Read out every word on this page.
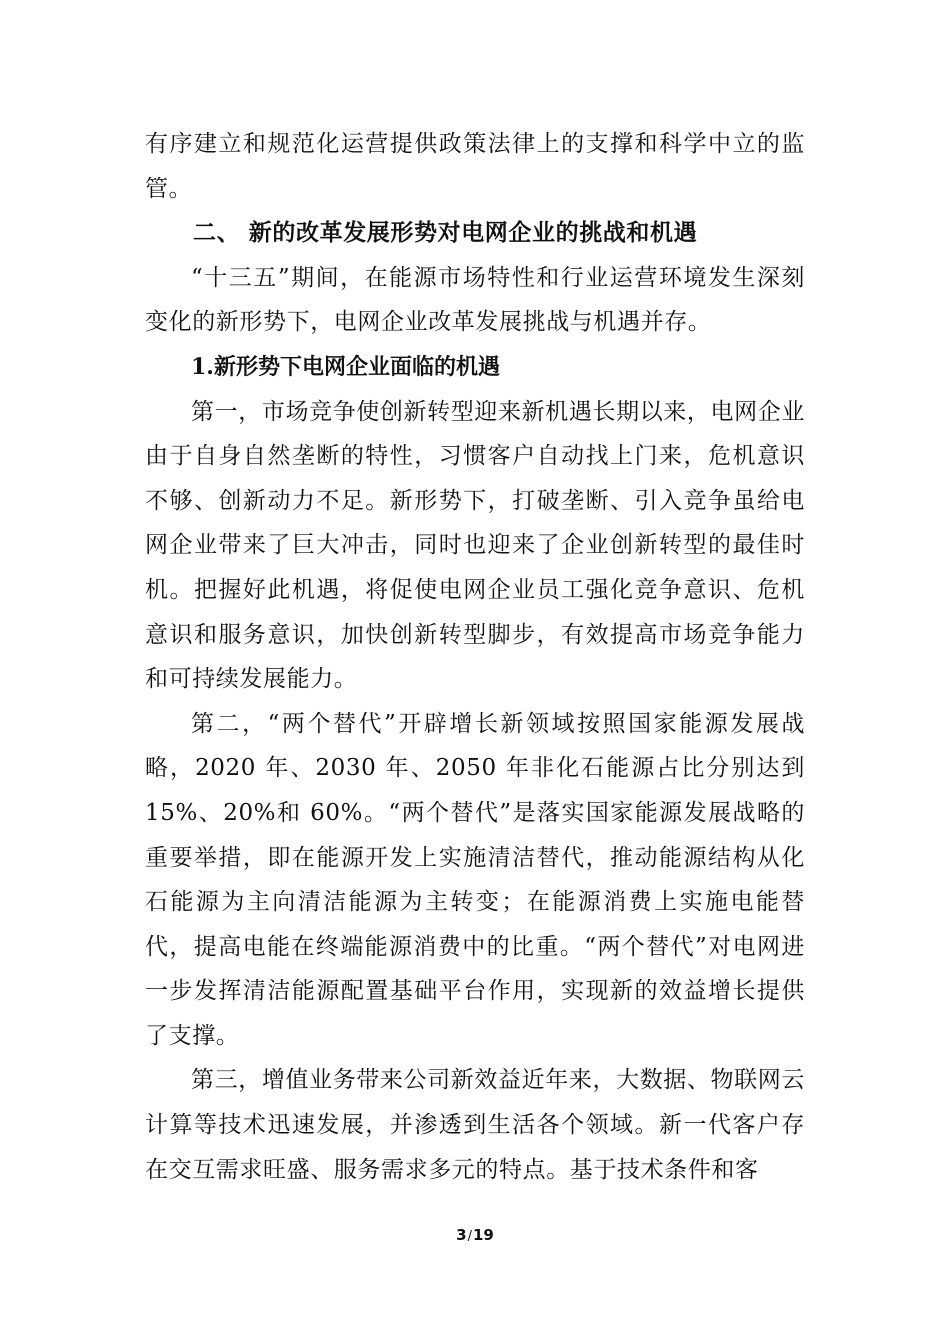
有序建立和规范化运营提供政策法律上的支撑和科学中立的监管。

二、 新的改革发展形势对电网企业的挑战和机遇

“十三五”期间，在能源市场特性和行业运营环境发生深刻变化的新形势下，电网企业改革发展挑战与机遇并存。

1.新形势下电网企业面临的机遇

第一，市场竞争使创新转型迎来新机遇长期以来，电网企业由于自身自然垄断的特性，习惯客户自动找上门来，危机意识不够、创新动力不足。新形势下，打破垄断、引入竞争虽给电网企业带来了巨大冲击，同时也迎来了企业创新转型的最佳时机。把握好此机遇，将促使电网企业员工强化竞争意识、危机意识和服务意识，加快创新转型脚步，有效提高市场竞争能力和可持续发展能力。

第二，“两个替代”开辟增长新领域按照国家能源发展战略，2020 年、2030 年、2050 年非化石能源占比分别达到 15%、20%和 60%。“两个替代”是落实国家能源发展战略的重要举措，即在能源开发上实施清洁替代，推动能源结构从化石能源为主向清洁能源为主转变；在能源消费上实施电能替代，提高电能在终端能源消费中的比重。“两个替代”对电网进一步发挥清洁能源配置基础平台作用，实现新的效益增长提供了支撑。

第三，增值业务带来公司新效益近年来，大数据、物联网云计算等技术迅速发展，并渗透到生活各个领域。新一代客户存在交互需求旺盛、服务需求多元的特点。基于技术条件和客

3/19
